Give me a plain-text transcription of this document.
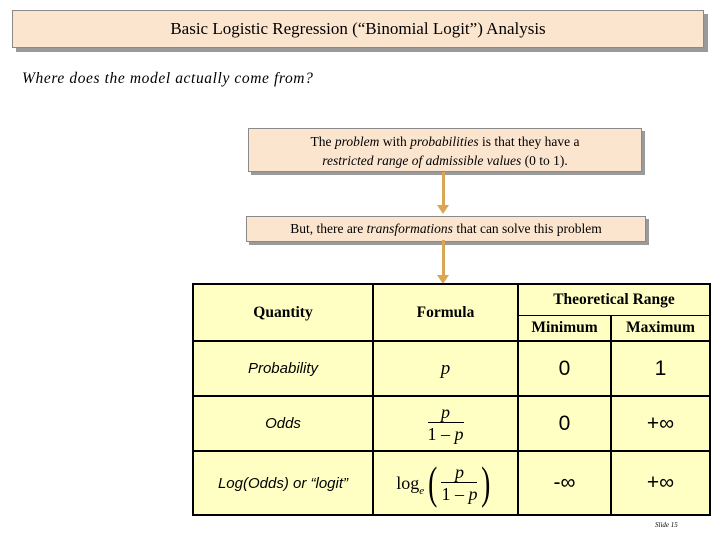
Basic Logistic Regression (“Binomial Logit”) Analysis
Where does the model actually come from?
The problem with probabilities is that they have a
restricted range of admissible values (0 to 1).
But, there are transformations that can solve this problem
Quantity	Formula
Theoretical Range
Minimum	Maximum
Probability	p	0	1
Odds	$\frac{p}{1 - p}$	0	+∞
Log(Odds) or “logit”	$\log_e$ ( $\frac{p}{1 - p}$ )	-∞	+∞
Slide 15
